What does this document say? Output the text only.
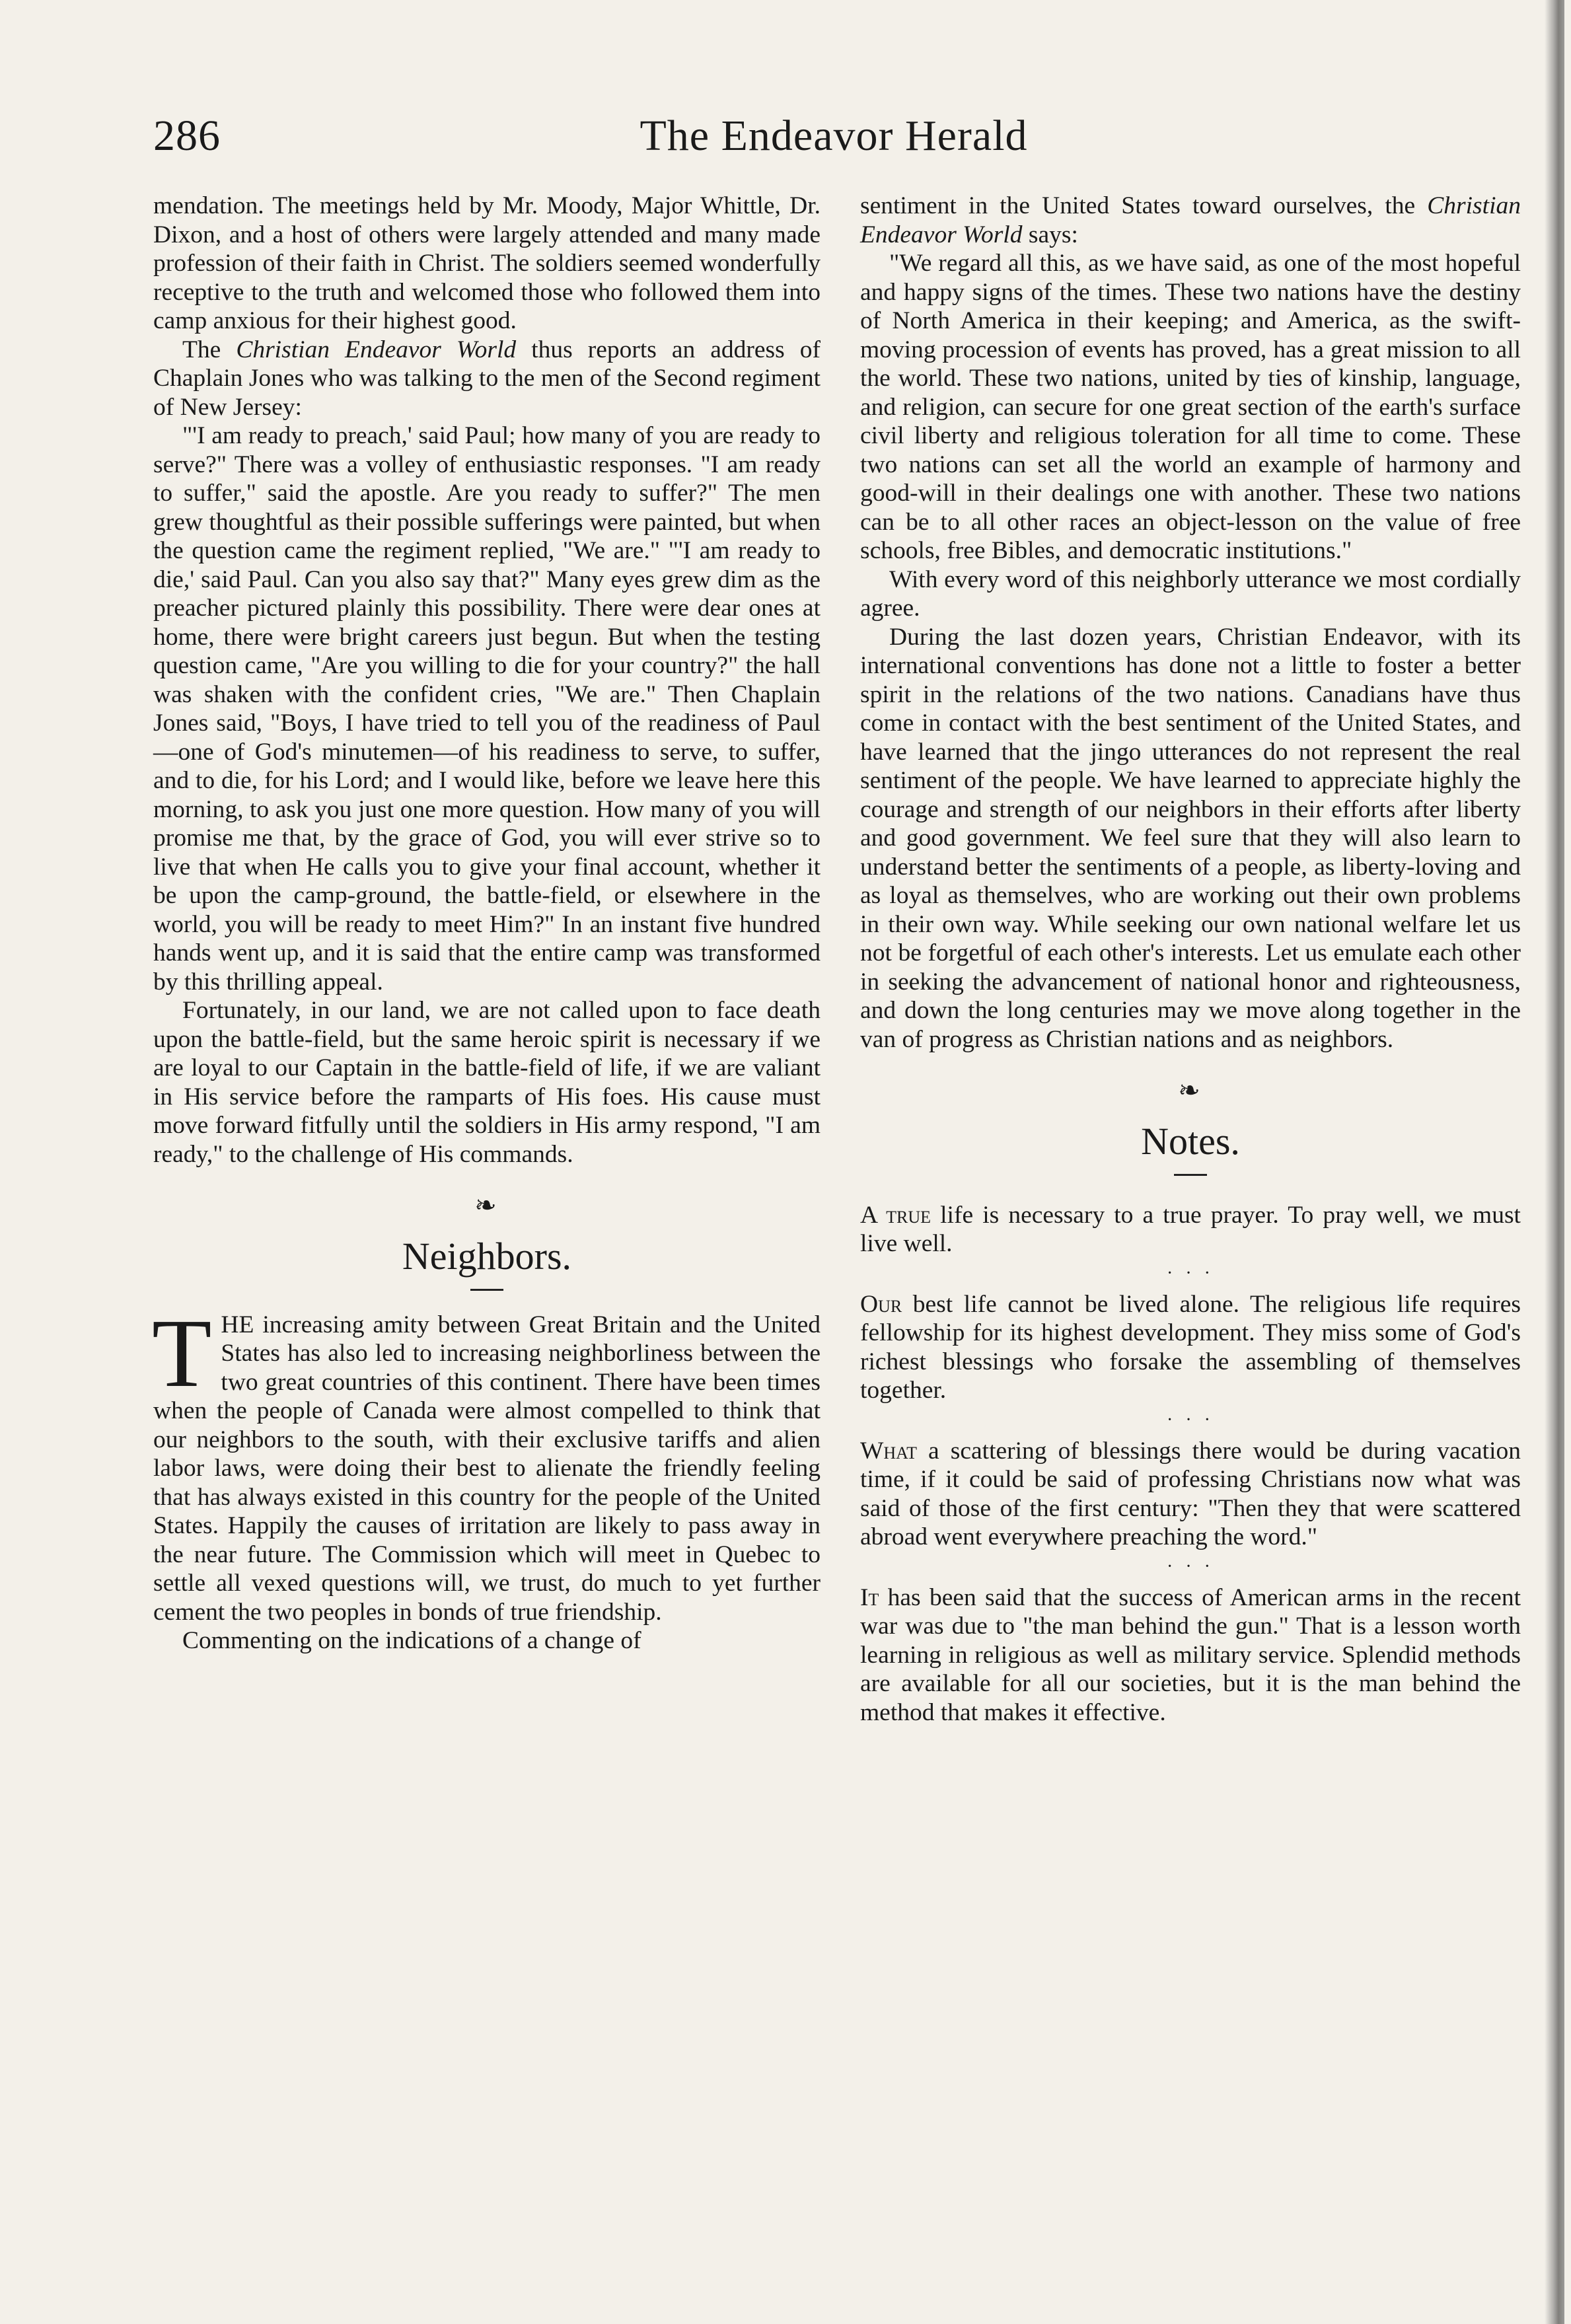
286	The Endeavor Herald

mendation. The meetings held by Mr. Moody, Major Whittle, Dr. Dixon, and a host of others were largely attended and many made profession of their faith in Christ. The soldiers seemed wonderfully receptive to the truth and welcomed those who followed them into camp anxious for their highest good.

The Christian Endeavor World thus reports an address of Chaplain Jones who was talking to the men of the Second regiment of New Jersey:

"'I am ready to preach,' said Paul; how many of you are ready to serve?" There was a volley of enthusiastic responses. "I am ready to suffer," said the apostle. Are you ready to suffer?" The men grew thoughtful as their possible sufferings were painted, but when the question came the regiment replied, "We are." "'I am ready to die,' said Paul. Can you also say that?" Many eyes grew dim as the preacher pictured plainly this possibility. There were dear ones at home, there were bright careers just begun. But when the testing question came, "Are you willing to die for your country?" the hall was shaken with the confident cries, "We are." Then Chaplain Jones said, "Boys, I have tried to tell you of the readiness of Paul—one of God's minutemen—of his readiness to serve, to suffer, and to die, for his Lord; and I would like, before we leave here this morning, to ask you just one more question. How many of you will promise me that, by the grace of God, you will ever strive so to live that when He calls you to give your final account, whether it be upon the camp-ground, the battle-field, or elsewhere in the world, you will be ready to meet Him?" In an instant five hundred hands went up, and it is said that the entire camp was transformed by this thrilling appeal.

Fortunately, in our land, we are not called upon to face death upon the battle-field, but the same heroic spirit is necessary if we are loyal to our Captain in the battle-field of life, if we are valiant in His service before the ramparts of His foes. His cause must move forward fitfully until the soldiers in His army respond, "I am ready," to the challenge of His commands.

❧
Neighbors.

THE increasing amity between Great Britain and the United States has also led to increasing neighborliness between the two great countries of this continent. There have been times when the people of Canada were almost compelled to think that our neighbors to the south, with their exclusive tariffs and alien labor laws, were doing their best to alienate the friendly feeling that has always existed in this country for the people of the United States. Happily the causes of irritation are likely to pass away in the near future. The Commission which will meet in Quebec to settle all vexed questions will, we trust, do much to yet further cement the two peoples in bonds of true friendship.

Commenting on the indications of a change of

sentiment in the United States toward ourselves, the Christian Endeavor World says:

"We regard all this, as we have said, as one of the most hopeful and happy signs of the times. These two nations have the destiny of North America in their keeping; and America, as the swift-moving procession of events has proved, has a great mission to all the world. These two nations, united by ties of kinship, language, and religion, can secure for one great section of the earth's surface civil liberty and religious toleration for all time to come. These two nations can set all the world an example of harmony and good-will in their dealings one with another. These two nations can be to all other races an object-lesson on the value of free schools, free Bibles, and democratic institutions."

With every word of this neighborly utterance we most cordially agree.

During the last dozen years, Christian Endeavor, with its international conventions has done not a little to foster a better spirit in the relations of the two nations. Canadians have thus come in contact with the best sentiment of the United States, and have learned that the jingo utterances do not represent the real sentiment of the people. We have learned to appreciate highly the courage and strength of our neighbors in their efforts after liberty and good government. We feel sure that they will also learn to understand better the sentiments of a people, as liberty-loving and as loyal as themselves, who are working out their own problems in their own way. While seeking our own national welfare let us not be forgetful of each other's interests. Let us emulate each other in seeking the advancement of national honor and righteousness, and down the long centuries may we move along together in the van of progress as Christian nations and as neighbors.

❧
Notes.

A true life is necessary to a true prayer. To pray well, we must live well.

· · ·

Our best life cannot be lived alone. The religious life requires fellowship for its highest development. They miss some of God's richest blessings who forsake the assembling of themselves together.

· · ·

What a scattering of blessings there would be during vacation time, if it could be said of professing Christians now what was said of those of the first century: "Then they that were scattered abroad went everywhere preaching the word."

· · ·

It has been said that the success of American arms in the recent war was due to "the man behind the gun." That is a lesson worth learning in religious as well as military service. Splendid methods are available for all our societies, but it is the man behind the method that makes it effective.
